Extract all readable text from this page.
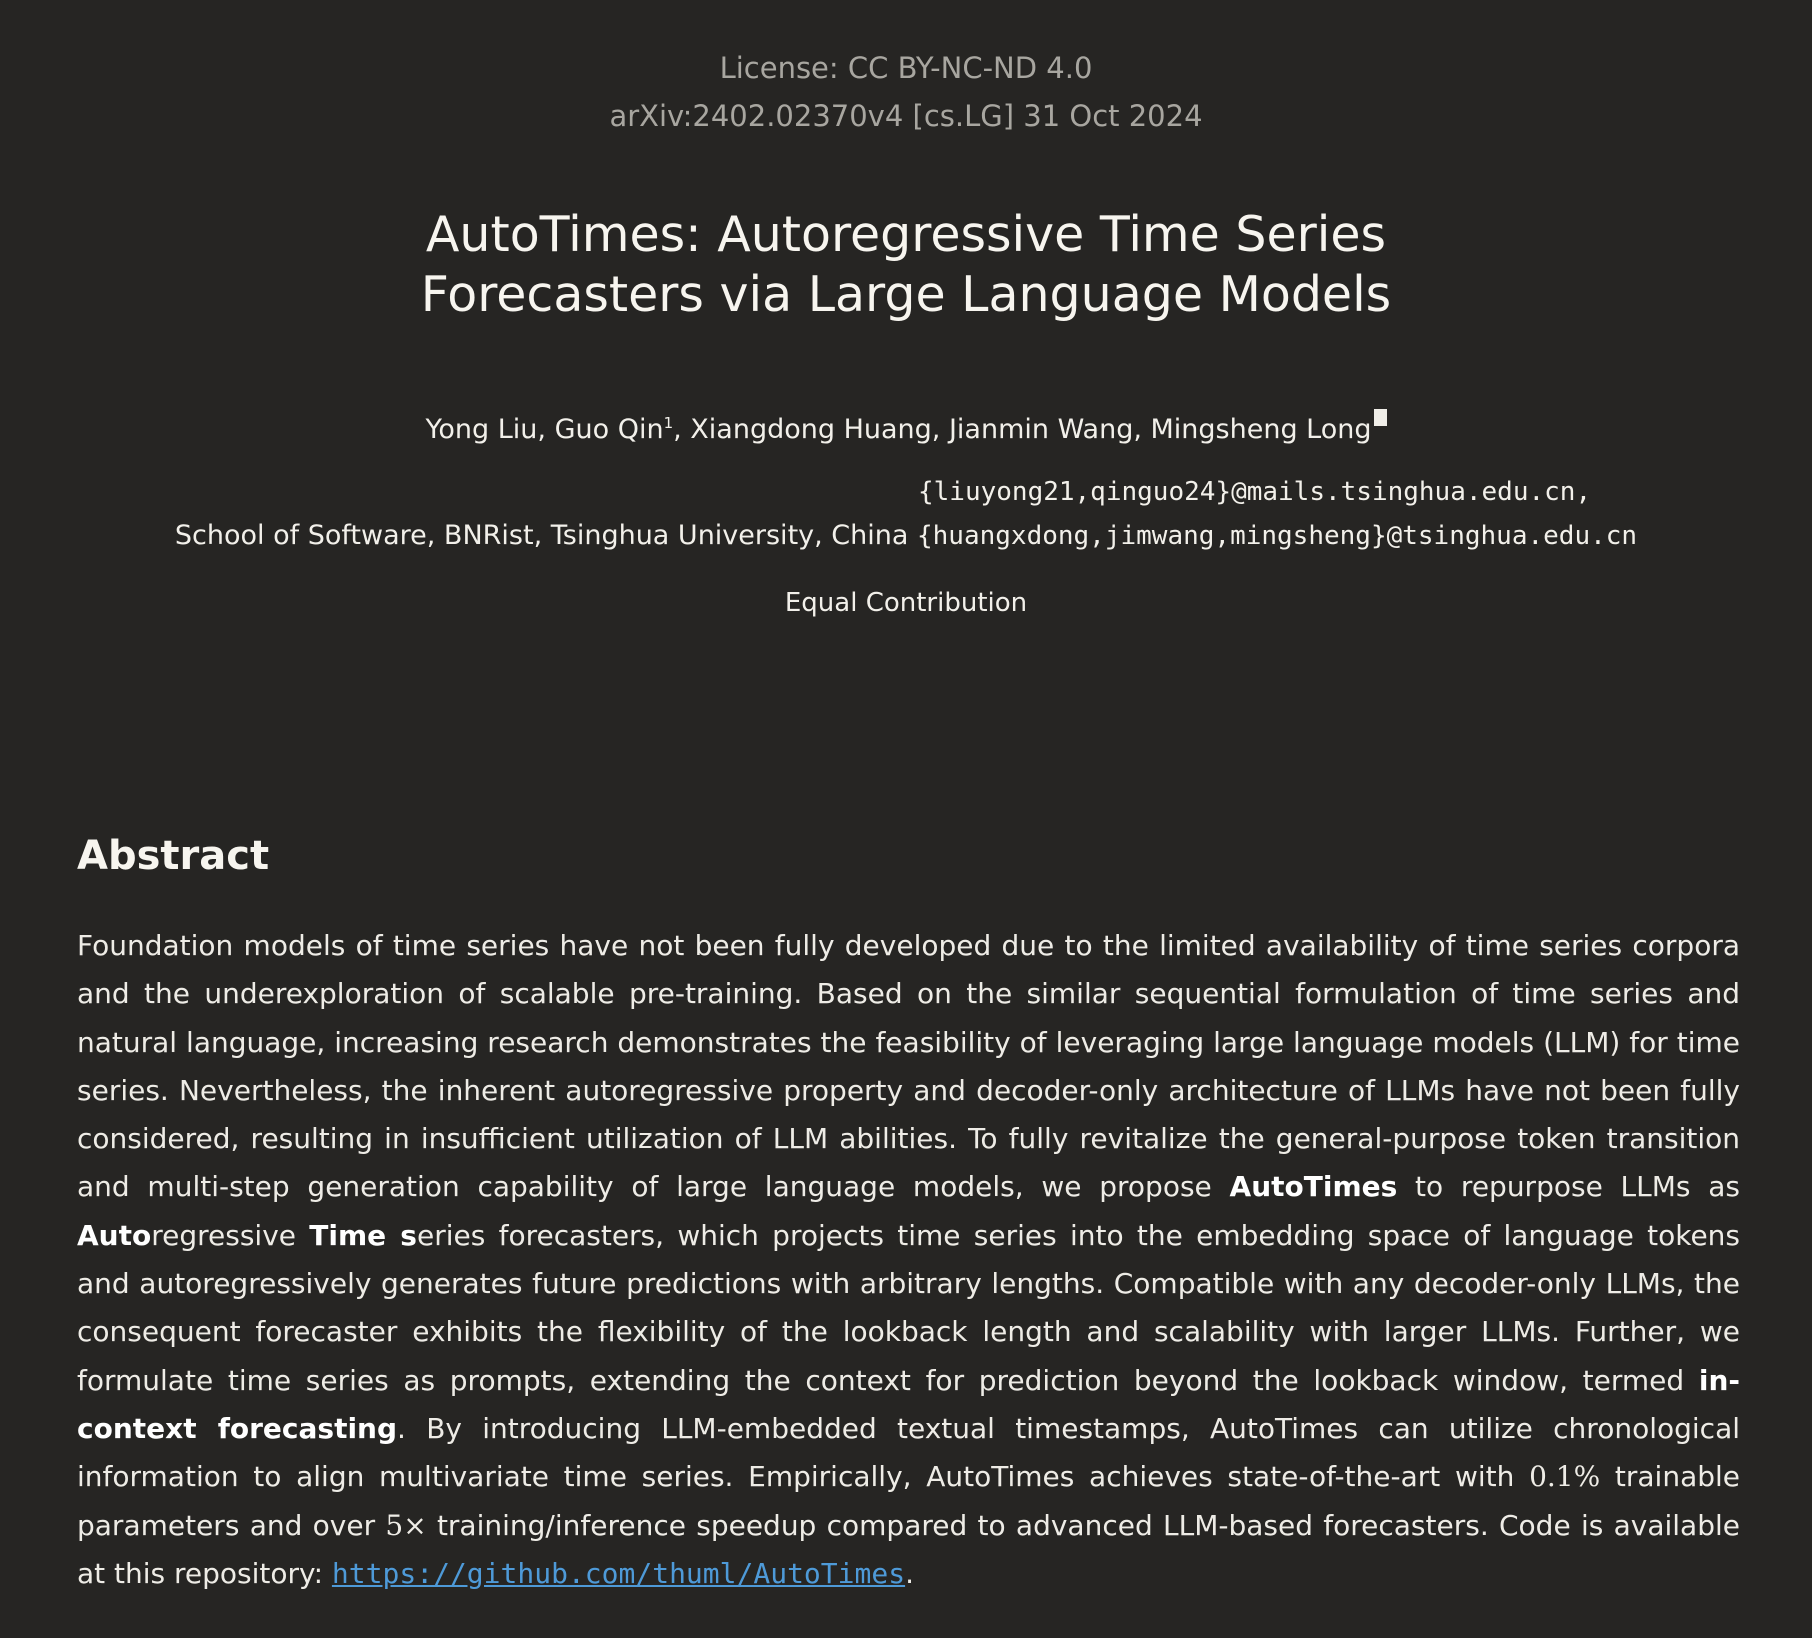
License: CC BY-NC-ND 4.0
arXiv:2402.02370v4 [cs.LG] 31 Oct 2024
AutoTimes: Autoregressive Time Series
Forecasters via Large Language Models
Yong Liu, Guo Qin$^1$, Xiangdong Huang, Jianmin Wang, Mingsheng Long
{liuyong21,qinguo24}@mails.tsinghua.edu.cn,
School of Software, BNRist, Tsinghua University, China {huangxdong,jimwang,mingsheng}@tsinghua.edu.cn
Equal Contribution
Abstract
Foundation models of time series have not been fully developed due to the limited availability of time series corpora and the underexploration of scalable pre-training. Based on the similar sequential formulation of time series and natural language, increasing research demonstrates the feasibility of leveraging large language models (LLM) for time series. Nevertheless, the inherent autoregressive property and decoder-only architecture of LLMs have not been fully considered, resulting in insufficient utilization of LLM abilities. To fully revitalize the general-purpose token transition and multi-step generation capability of large language models, we propose AutoTimes to repurpose LLMs as Autoregressive Time series forecasters, which projects time series into the embedding space of language tokens and autoregressively generates future predictions with arbitrary lengths. Compatible with any decoder-only LLMs, the consequent forecaster exhibits the flexibility of the lookback length and scalability with larger LLMs. Further, we formulate time series as prompts, extending the context for prediction beyond the lookback window, termed in-context forecasting. By introducing LLM-embedded textual timestamps, AutoTimes can utilize chronological information to align multivariate time series. Empirically, AutoTimes achieves state-of-the-art with 0.1% trainable parameters and over 5× training/inference speedup compared to advanced LLM-based forecasters. Code is available at this repository: https://github.com/thuml/AutoTimes.
